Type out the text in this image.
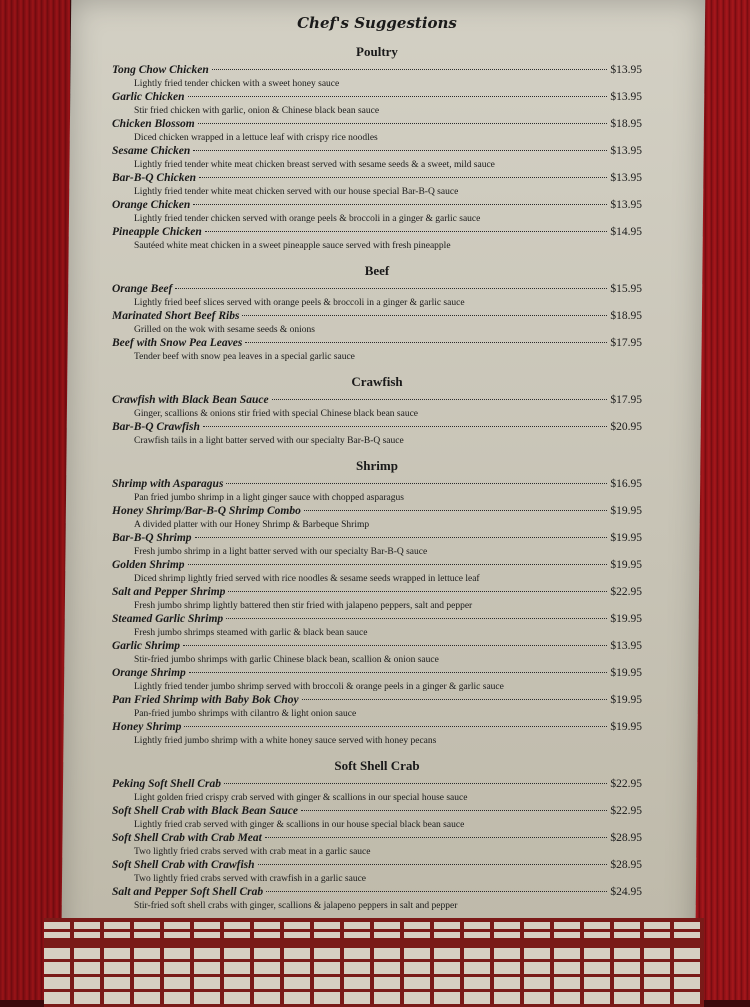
Chef's Suggestions
Poultry
Tong Chow Chicken	$13.95
Lightly fried tender chicken with a sweet honey sauce
Garlic Chicken	$13.95
Stir fried chicken with garlic, onion & Chinese black bean sauce
Chicken Blossom	$18.95
Diced chicken wrapped in a lettuce leaf with crispy rice noodles
Sesame Chicken	$13.95
Lightly fried tender white meat chicken breast served with sesame seeds & a sweet, mild sauce
Bar-B-Q Chicken	$13.95
Lightly fried tender white meat chicken served with our house special Bar-B-Q sauce
Orange Chicken	$13.95
Lightly fried tender chicken served with orange peels & broccoli in a ginger & garlic sauce
Pineapple Chicken	$14.95
Sautéed white meat chicken in a sweet pineapple sauce served with fresh pineapple
Beef
Orange Beef	$15.95
Lightly fried beef slices served with orange peels & broccoli in a ginger & garlic sauce
Marinated Short Beef Ribs	$18.95
Grilled on the wok with sesame seeds & onions
Beef with Snow Pea Leaves	$17.95
Tender beef with snow pea leaves in a special garlic sauce
Crawfish
Crawfish with Black Bean Sauce	$17.95
Ginger, scallions & onions stir fried with special Chinese black bean sauce
Bar-B-Q Crawfish	$20.95
Crawfish tails in a light batter served with our specialty Bar-B-Q sauce
Shrimp
Shrimp with Asparagus	$16.95
Pan fried jumbo shrimp in a light ginger sauce with chopped asparagus
Honey Shrimp/Bar-B-Q Shrimp Combo	$19.95
A divided platter with our Honey Shrimp & Barbeque Shrimp
Bar-B-Q Shrimp	$19.95
Fresh jumbo shrimp in a light batter served with our specialty Bar-B-Q sauce
Golden Shrimp	$19.95
Diced shrimp lightly fried served with rice noodles & sesame seeds wrapped in lettuce leaf
Salt and Pepper Shrimp	$22.95
Fresh jumbo shrimp lightly battered then stir fried with jalapeno peppers, salt and pepper
Steamed Garlic Shrimp	$19.95
Fresh jumbo shrimps steamed with garlic & black bean sauce
Garlic Shrimp	$13.95
Stir-fried jumbo shrimps with garlic Chinese black bean, scallion & onion sauce
Orange Shrimp	$19.95
Lightly fried tender jumbo shrimp served with broccoli & orange peels in a ginger & garlic sauce
Pan Fried Shrimp with Baby Bok Choy	$19.95
Pan-fried jumbo shrimps with cilantro & light onion sauce
Honey Shrimp	$19.95
Lightly fried jumbo shrimp with a white honey sauce served with honey pecans
Soft Shell Crab
Peking Soft Shell Crab	$22.95
Light golden fried crispy crab served with ginger & scallions in our special house sauce
Soft Shell Crab with Black Bean Sauce	$22.95
Lightly fried crab served with ginger & scallions in our house special black bean sauce
Soft Shell Crab with Crab Meat	$28.95
Two lightly fried crabs served with crab meat in a garlic sauce
Soft Shell Crab with Crawfish	$28.95
Two lightly fried crabs served with crawfish in a garlic sauce
Salt and Pepper Soft Shell Crab	$24.95
Stir-fried soft shell crabs with ginger, scallions & jalapeno peppers in salt and pepper
